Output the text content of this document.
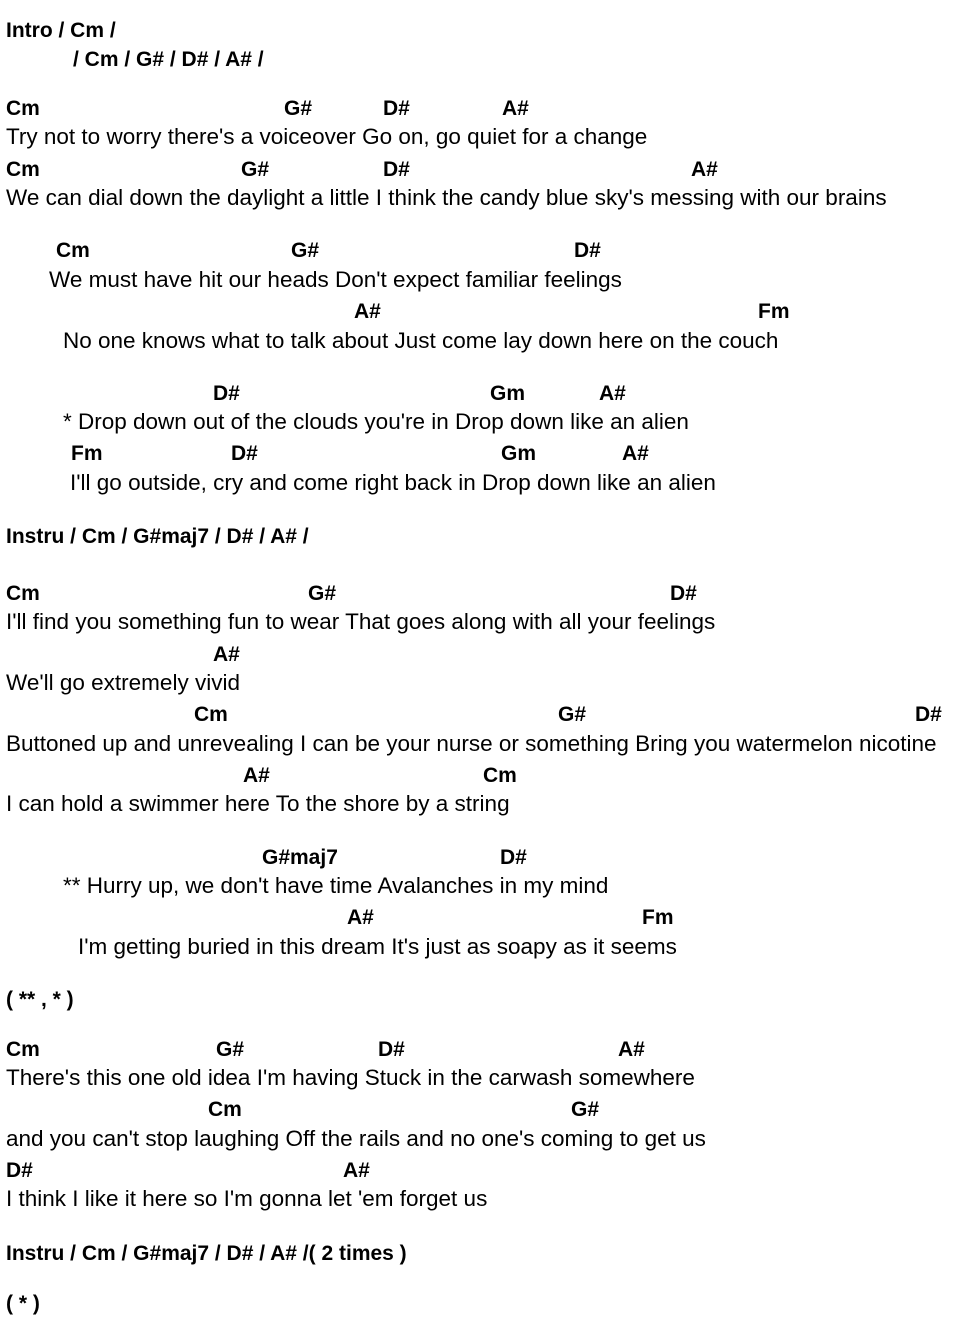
Intro / Cm /
/ Cm / G# / D# / A# /
Instru / Cm / G#maj7 / D# / A# /
( ** , * )
Instru / Cm / G#maj7 / D# / A# /( 2 times )
( * )
Cm	G#	D#	A#
Try not to worry there's a voiceover Go on, go quiet for a change
Cm	G#	D#	A#
We can dial down the daylight a little I think the candy blue sky's messing with our brains
Cm	G#	D#
We must have hit our heads Don't expect familiar feelings
A#	Fm
No one knows what to talk about Just come lay down here on the couch
D#	Gm	A#
* Drop down out of the clouds you're in Drop down like an alien
Fm	D#	Gm	A#
I'll go outside, cry and come right back in Drop down like an alien
Cm	G#	D#
I'll find you something fun to wear That goes along with all your feelings
A#
We'll go extremely vivid
Cm	G#	D#
Buttoned up and unrevealing I can be your nurse or something Bring you watermelon nicotine
A#	Cm
I can hold a swimmer here To the shore by a string
G#maj7	D#
** Hurry up, we don't have time Avalanches in my mind
A#	Fm
I'm getting buried in this dream It's just as soapy as it seems
Cm	G#	D#	A#
There's this one old idea I'm having Stuck in the carwash somewhere
Cm	G#
and you can't stop laughing Off the rails and no one's coming to get us
D#	A#
I think I like it here so I'm gonna let 'em forget us
